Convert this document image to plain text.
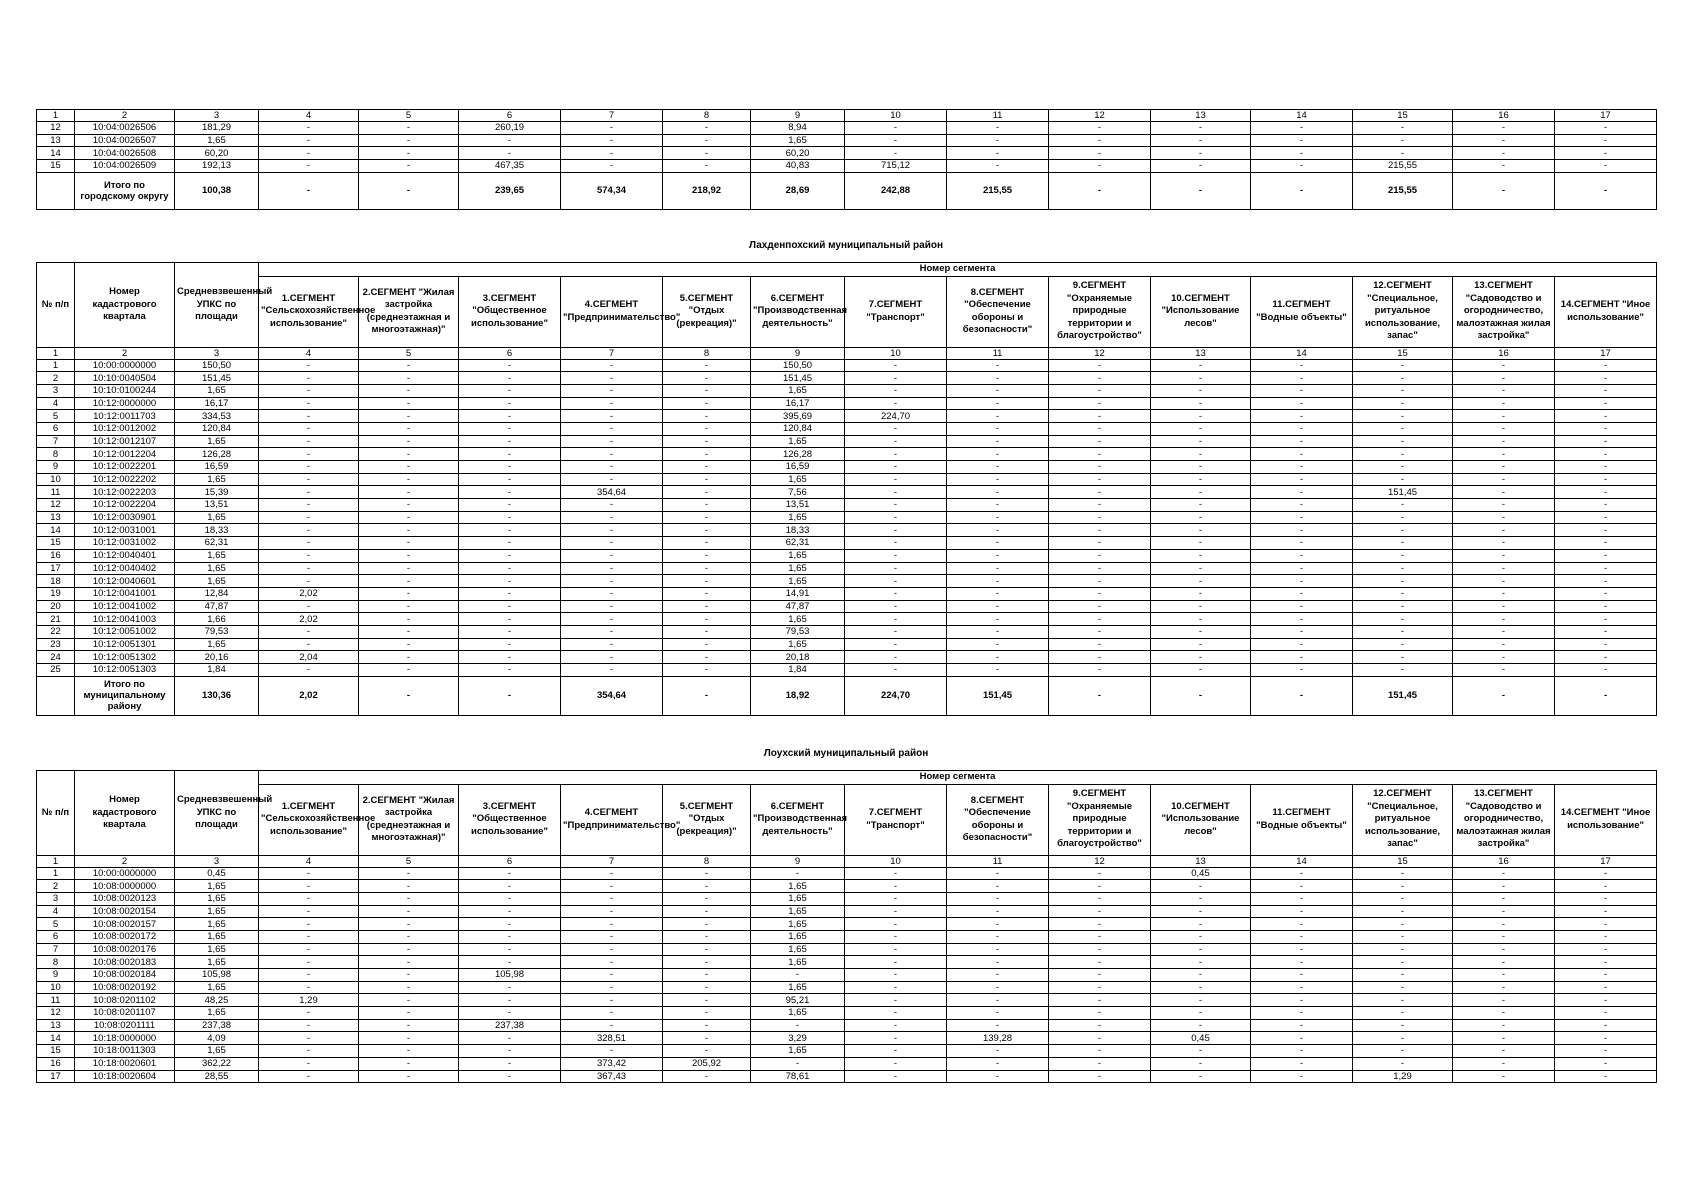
1	2	3	4	5	6	7	8	9	10	11	12	13	14	15	16	17
12	10:04:0026506	181,29	-	-	260,19	-	-	8,94	-	-	-	-	-	-	-	-
13	10:04:0026507	1,65	-	-	-	-	-	1,65	-	-	-	-	-	-	-	-
14	10:04:0026508	60,20	-	-	-	-	-	60,20	-	-	-	-	-	-	-	-
15	10:04:0026509	192,13	-	-	467,35	-	-	40,83	715,12	-	-	-	-	215,55	-	-
	Итого по городскому округу	100,38	-	-	239,65	574,34	218,92	28,69	242,88	215,55	-	-	-	215,55	-	-
Лахденпохский муниципальный район
№ п/п	Номер кадастрового квартала	Средневзвешенный УПКС по площади	Номер сегмента													
			1.СЕГМЕНТ "Сельскохозяйственное использование"	2.СЕГМЕНТ "Жилая застройка (среднеэтажная и многоэтажная)"	3.СЕГМЕНТ "Общественное использование"	4.СЕГМЕНТ "Предпринимательство"	5.СЕГМЕНТ "Отдых (рекреация)"	6.СЕГМЕНТ "Производственная деятельность"	7.СЕГМЕНТ "Транспорт"	8.СЕГМЕНТ "Обеспечение обороны и безопасности"	9.СЕГМЕНТ "Охраняемые природные территории и благоустройство"	10.СЕГМЕНТ "Использование лесов"	11.СЕГМЕНТ "Водные объекты"	12.СЕГМЕНТ "Специальное, ритуальное использование, запас"	13.СЕГМЕНТ "Садоводство и огородничество, малоэтажная жилая застройка"	14.СЕГМЕНТ "Иное использование"
1	2	3	4	5	6	7	8	9	10	11	12	13	14	15	16	17
1	10:00:0000000	150,50	-	-	-	-	-	150,50	-	-	-	-	-	-	-	-
2	10:10:0040504	151,45	-	-	-	-	-	151,45	-	-	-	-	-	-	-	-
3	10:10:0100244	1,65	-	-	-	-	-	1,65	-	-	-	-	-	-	-	-
4	10:12:0000000	16,17	-	-	-	-	-	16,17	-	-	-	-	-	-	-	-
5	10:12:0011703	334,53	-	-	-	-	-	395,69	224,70	-	-	-	-	-	-	-
6	10:12:0012002	120,84	-	-	-	-	-	120,84	-	-	-	-	-	-	-	-
7	10:12:0012107	1,65	-	-	-	-	-	1,65	-	-	-	-	-	-	-	-
8	10:12:0012204	126,28	-	-	-	-	-	126,28	-	-	-	-	-	-	-	-
9	10:12:0022201	16,59	-	-	-	-	-	16,59	-	-	-	-	-	-	-	-
10	10:12:0022202	1,65	-	-	-	-	-	1,65	-	-	-	-	-	-	-	-
11	10:12:0022203	15,39	-	-	-	354,64	-	7,56	-	-	-	-	-	151,45	-	-
12	10:12:0022204	13,51	-	-	-	-	-	13,51	-	-	-	-	-	-	-	-
13	10:12:0030901	1,65	-	-	-	-	-	1,65	-	-	-	-	-	-	-	-
14	10:12:0031001	18,33	-	-	-	-	-	18,33	-	-	-	-	-	-	-	-
15	10:12:0031002	62,31	-	-	-	-	-	62,31	-	-	-	-	-	-	-	-
16	10:12:0040401	1,65	-	-	-	-	-	1,65	-	-	-	-	-	-	-	-
17	10:12:0040402	1,65	-	-	-	-	-	1,65	-	-	-	-	-	-	-	-
18	10:12:0040601	1,65	-	-	-	-	-	1,65	-	-	-	-	-	-	-	-
19	10:12:0041001	12,84	2,02	-	-	-	-	14,91	-	-	-	-	-	-	-	-
20	10:12:0041002	47,87	-	-	-	-	-	47,87	-	-	-	-	-	-	-	-
21	10:12:0041003	1,66	2,02	-	-	-	-	1,65	-	-	-	-	-	-	-	-
22	10:12:0051002	79,53	-	-	-	-	-	79,53	-	-	-	-	-	-	-	-
23	10:12:0051301	1,65	-	-	-	-	-	1,65	-	-	-	-	-	-	-	-
24	10:12:0051302	20,16	2,04	-	-	-	-	20,18	-	-	-	-	-	-	-	-
25	10:12:0051303	1,84	-	-	-	-	-	1,84	-	-	-	-	-	-	-	-
	Итого по муниципальному району	130,36	2,02	-	-	354,64	-	18,92	224,70	151,45	-	-	-	151,45	-	-
Лоухский муниципальный район
№ п/п	Номер кадастрового квартала	Средневзвешенный УПКС по площади	Номер сегмента													
			1.СЕГМЕНТ "Сельскохозяйственное использование"	2.СЕГМЕНТ "Жилая застройка (среднеэтажная и многоэтажная)"	3.СЕГМЕНТ "Общественное использование"	4.СЕГМЕНТ "Предпринимательство"	5.СЕГМЕНТ "Отдых (рекреация)"	6.СЕГМЕНТ "Производственная деятельность"	7.СЕГМЕНТ "Транспорт"	8.СЕГМЕНТ "Обеспечение обороны и безопасности"	9.СЕГМЕНТ "Охраняемые природные территории и благоустройство"	10.СЕГМЕНТ "Использование лесов"	11.СЕГМЕНТ "Водные объекты"	12.СЕГМЕНТ "Специальное, ритуальное использование, запас"	13.СЕГМЕНТ "Садоводство и огородничество, малоэтажная жилая застройка"	14.СЕГМЕНТ "Иное использование"
1	2	3	4	5	6	7	8	9	10	11	12	13	14	15	16	17
1	10:00:0000000	0,45	-	-	-	-	-	-	-	-	-	0,45	-	-	-	-
2	10:08:0000000	1,65	-	-	-	-	-	1,65	-	-	-	-	-	-	-	-
3	10:08:0020123	1,65	-	-	-	-	-	1,65	-	-	-	-	-	-	-	-
4	10:08:0020154	1,65	-	-	-	-	-	1,65	-	-	-	-	-	-	-	-
5	10:08:0020157	1,65	-	-	-	-	-	1,65	-	-	-	-	-	-	-	-
6	10:08:0020172	1,65	-	-	-	-	-	1,65	-	-	-	-	-	-	-	-
7	10:08:0020176	1,65	-	-	-	-	-	1,65	-	-	-	-	-	-	-	-
8	10:08:0020183	1,65	-	-	-	-	-	1,65	-	-	-	-	-	-	-	-
9	10:08:0020184	105,98	-	-	105,98	-	-	-	-	-	-	-	-	-	-	-
10	10:08:0020192	1,65	-	-	-	-	-	1,65	-	-	-	-	-	-	-	-
11	10:08:0201102	48,25	1,29	-	-	-	-	95,21	-	-	-	-	-	-	-	-
12	10:08:0201107	1,65	-	-	-	-	-	1,65	-	-	-	-	-	-	-	-
13	10:08:0201111	237,38	-	-	237,38	-	-	-	-	-	-	-	-	-	-	-
14	10:18:0000000	4,09	-	-	-	328,51	-	3,29	-	139,28	-	0,45	-	-	-	-
15	10:18:0011303	1,65	-	-	-	-	-	1,65	-	-	-	-	-	-	-	-
16	10:18:0020601	362,22	-	-	-	373,42	205,92	-	-	-	-	-	-	-	-	-
17	10:18:0020604	28,55	-	-	-	367,43	-	78,61	-	-	-	-	-	1,29	-	-
